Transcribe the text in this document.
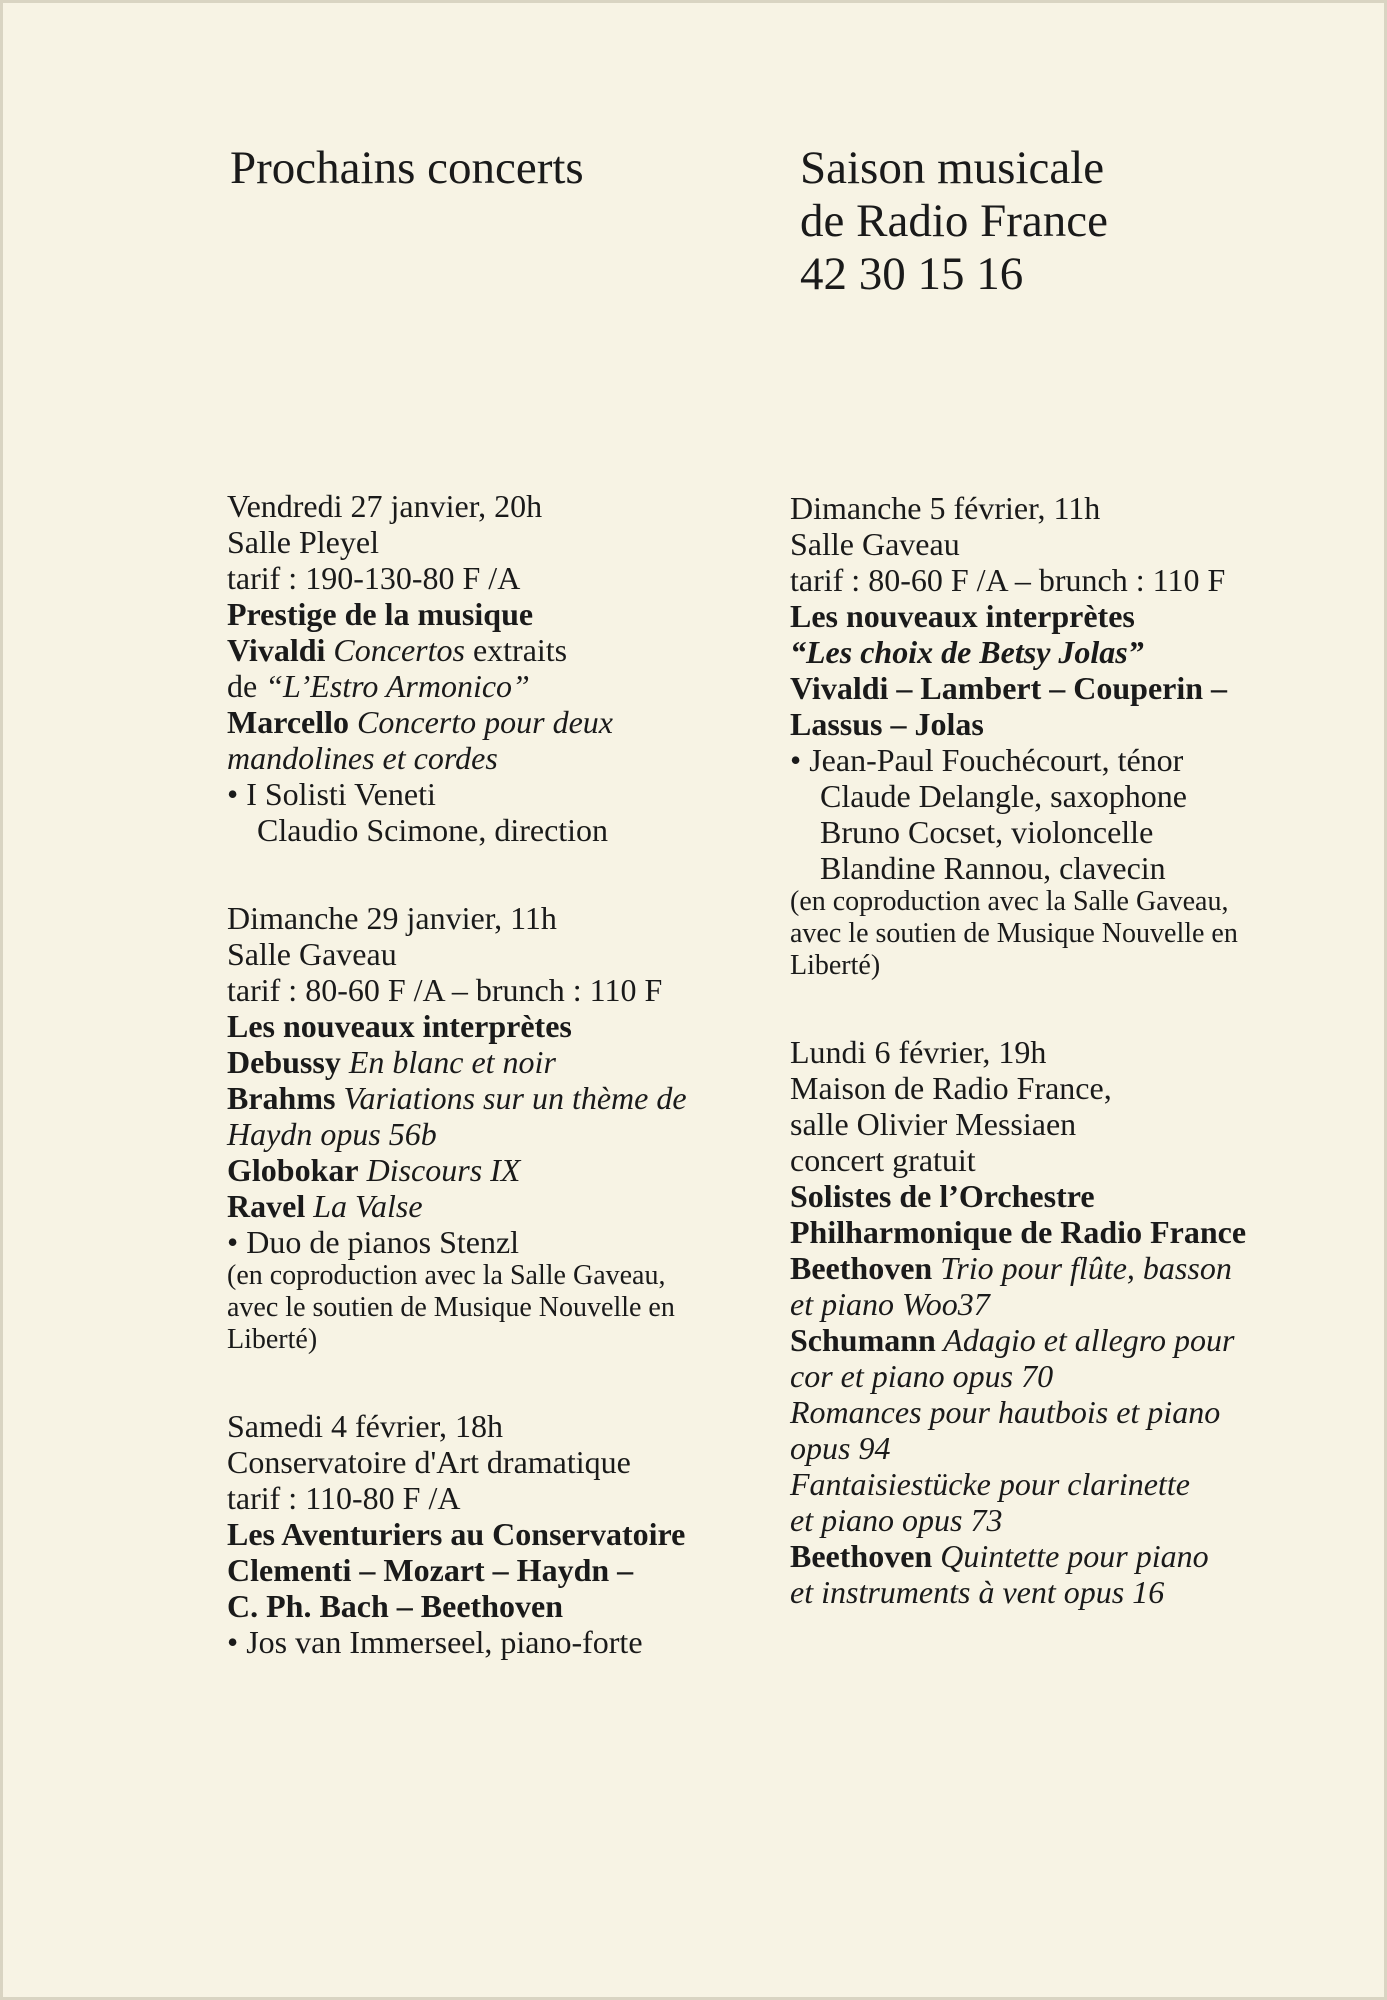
Prochains concerts	Saison musicale
de Radio France
42 30 15 16
Vendredi 27 janvier, 20h
Salle Pleyel
tarif : 190-130-80 F /A
Prestige de la musique
Vivaldi Concertos extraits
de “L’Estro Armonico”
Marcello Concerto pour deux
mandolines et cordes
• I Solisti Veneti
Claudio Scimone, direction
Dimanche 29 janvier, 11h
Salle Gaveau
tarif : 80-60 F /A – brunch : 110 F
Les nouveaux interprètes
Debussy En blanc et noir
Brahms Variations sur un thème de
Haydn opus 56b
Globokar Discours IX
Ravel La Valse
• Duo de pianos Stenzl
(en coproduction avec la Salle Gaveau,
avec le soutien de Musique Nouvelle en
Liberté)
Samedi 4 février, 18h
Conservatoire d'Art dramatique
tarif : 110-80 F /A
Les Aventuriers au Conservatoire
Clementi – Mozart – Haydn –
C. Ph. Bach – Beethoven
• Jos van Immerseel, piano-forte
Dimanche 5 février, 11h
Salle Gaveau
tarif : 80-60 F /A – brunch : 110 F
Les nouveaux interprètes
“Les choix de Betsy Jolas”
Vivaldi – Lambert – Couperin –
Lassus – Jolas
• Jean-Paul Fouchécourt, ténor
Claude Delangle, saxophone
Bruno Cocset, violoncelle
Blandine Rannou, clavecin
(en coproduction avec la Salle Gaveau,
avec le soutien de Musique Nouvelle en
Liberté)
Lundi 6 février, 19h
Maison de Radio France,
salle Olivier Messiaen
concert gratuit
Solistes de l’Orchestre
Philharmonique de Radio France
Beethoven Trio pour flûte, basson
et piano Woo37
Schumann Adagio et allegro pour
cor et piano opus 70
Romances pour hautbois et piano
opus 94
Fantaisiestücke pour clarinette
et piano opus 73
Beethoven Quintette pour piano
et instruments à vent opus 16
